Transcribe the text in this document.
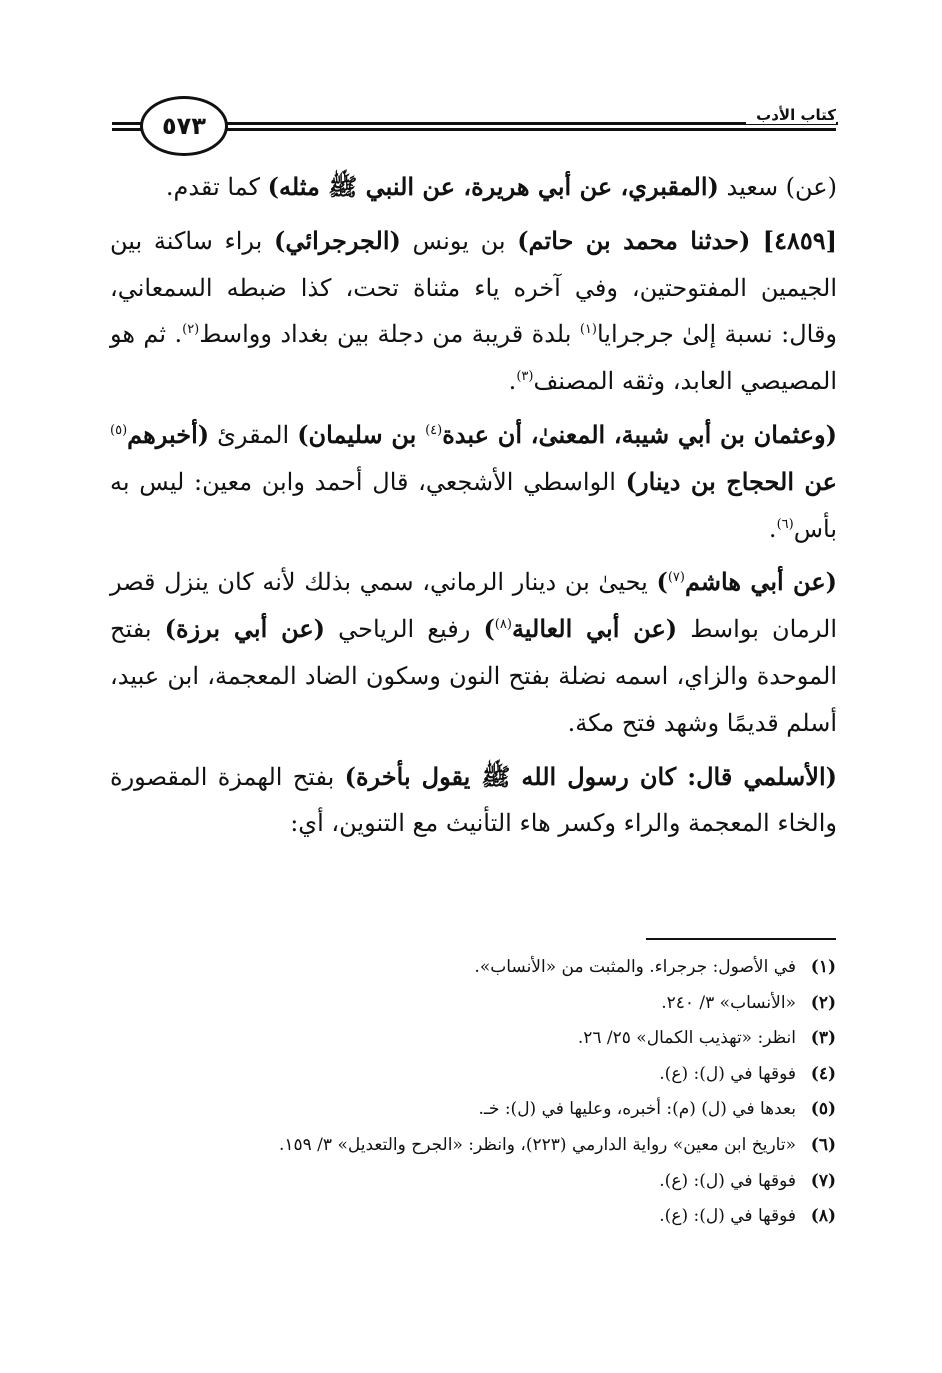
كتاب الأدب
٥٧٣

(عن) سعيد (المقبري، عن أبي هريرة، عن النبي ﷺ مثله) كما تقدم.

[٤٨٥٩] (حدثنا محمد بن حاتم) بن يونس (الجرجرائي) براء ساكنة بين الجيمين المفتوحتين، وفي آخره ياء مثناة تحت، كذا ضبطه السمعاني، وقال: نسبة إلىٰ جرجرايا$^{(١)}$ بلدة قريبة من دجلة بين بغداد وواسط$^{(٢)}$. ثم هو المصيصي العابد، وثقه المصنف$^{(٣)}$.

(وعثمان بن أبي شيبة، المعنىٰ، أن عبدة$^{(٤)}$ بن سليمان) المقرئ (أخبرهم$^{(٥)}$ عن الحجاج بن دينار) الواسطي الأشجعي، قال أحمد وابن معين: ليس به بأس$^{(٦)}$.

(عن أبي هاشم$^{(٧)}$) يحيىٰ بن دينار الرماني، سمي بذلك لأنه كان ينزل قصر الرمان بواسط (عن أبي العالية$^{(٨)}$) رفيع الرياحي (عن أبي برزة) بفتح الموحدة والزاي، اسمه نضلة بفتح النون وسكون الضاد المعجمة، ابن عبيد، أسلم قديمًا وشهد فتح مكة.

(الأسلمي قال: كان رسول الله ﷺ يقول بأخرة) بفتح الهمزة المقصورة والخاء المعجمة والراء وكسر هاء التأنيث مع التنوين، أي:

(١)في الأصول: جرجراء. والمثبت من «الأنساب».
(٢)«الأنساب» ٣/ ٢٤٠.
(٣)انظر: «تهذيب الكمال» ٢٥/ ٢٦.
(٤)فوقها في (ل): (ع).
(٥)بعدها في (ل) (م): أخبره، وعليها في (ل): خـ.
(٦)«تاريخ ابن معين» رواية الدارمي (٢٢٣)، وانظر: «الجرح والتعديل» ٣/ ١٥٩.
(٧)فوقها في (ل): (ع).
(٨)فوقها في (ل): (ع).
